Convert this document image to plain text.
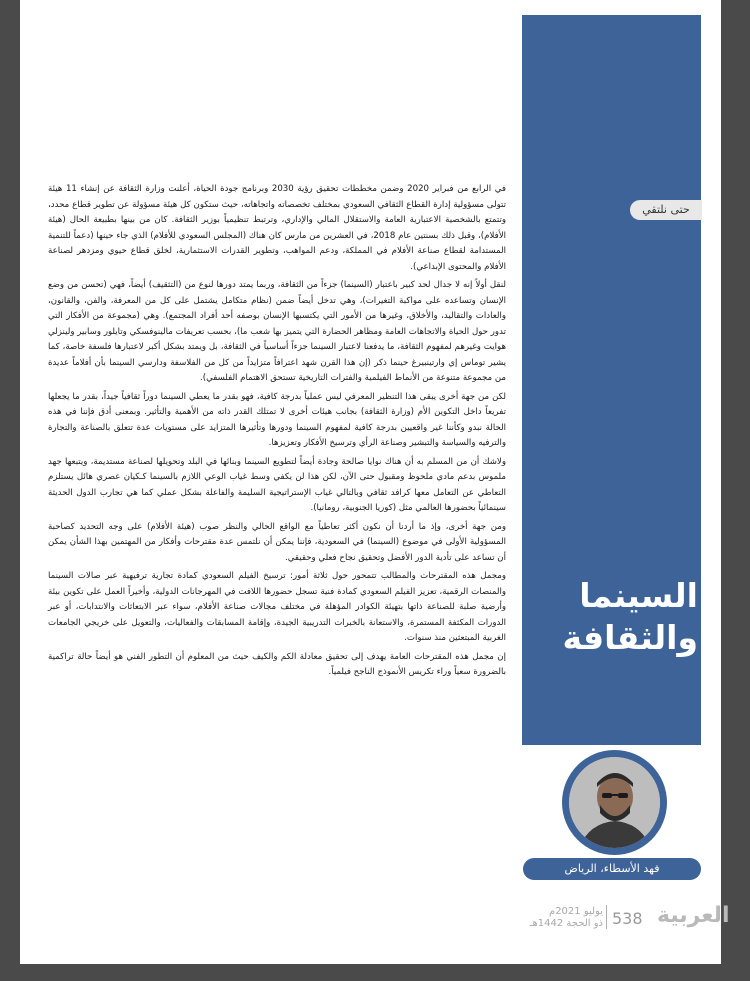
حتى نلتقي
السينما
والثقافة
فهد الأسطاء، الرياض

في الرابع من فبراير 2020 وضمن مخططات تحقيق رؤية 2030 وبرنامج جودة الحياة، أعلنت وزارة الثقافة عن إنشاء 11 هيئة تتولى مسؤولية إدارة القطاع الثقافي السعودي بمختلف تخصصاته واتجاهاته، حيث ستكون كل هيئة مسؤولة عن تطوير قطاع محدد، وتتمتع بالشخصية الاعتبارية العامة والاستقلال المالي والإداري، وترتبط تنظيمياً بوزير الثقافة. كان من بينها بطبيعة الحال (هيئة الأفلام)، وقبل ذلك بسنتين عام 2018، في العشرين من مارس كان هناك (المجلس السعودي للأفلام) الذي جاء حينها (دعماً للتنمية المستدامة لقطاع صناعة الأفلام في المملكة، ودعم المواهب، وتطوير القدرات الاستثمارية، لخلق قطاع حيوي ومزدهر لصناعة الأفلام والمحتوى الإبداعي).

لنقل أولاً إنه لا جدال لحد كبير باعتبار (السينما) جزءاً من الثقافة، وربما يمتد دورها لنوع من (التثقيف) أيضاً، فهي (تحسن من وضع الإنسان وتساعده على مواكبة التغيرات)، وهي تدخل أيضاً ضمن (نظام متكامل يشتمل على كل من المعرفة، والفن، والقانون، والعادات والتقاليد، والأخلاق، وغيرها من الأمور التي يكتسبها الإنسان بوصفه أحد أفراد المجتمع). وهي (مجموعة من الأفكار التي تدور حول الحياة والاتجاهات العامة ومظاهر الحضارة التي يتميز بها شعب ما)، بحسب تعريفات مالينوفسكي وتايلور وسابير ولينزلي هوايت وغيرهم لمفهوم الثقافة، ما يدفعنا لاعتبار السينما جزءاً أساسياً في الثقافة، بل ويمتد بشكل أكبر لاعتبارها فلسفة خاصة، كما يشير توماس إي وارتينبيرغ حينما ذكر (إن هذا القرن شهد اعترافاً متزايداً من كل من الفلاسفة ودارسي السينما بأن أفلاماً عديدة من مجموعة متنوعة من الأنماط الفيلمية والفترات التاريخية تستحق الاهتمام الفلسفي).

لكن من جهة أخرى يبقى هذا التنظير المعرفي ليس عملياً بدرجة كافية، فهو بقدر ما يعطي السينما دوراً ثقافياً جيداً، بقدر ما يجعلها تفريعاً داخل التكوين الأم (وزارة الثقافة) بجانب هيئات أخرى لا تمتلك القدر ذاته من الأهمية والتأثير. وبمعنى أدق فإننا في هذه الحالة نبدو وكأننا غير واقعيين بدرجة كافية لمفهوم السينما ودورها وتأثيرها المتزايد على مستويات عدة تتعلق بالصناعة والتجارة والترفيه والسياسة والتبشير وصناعة الرأي وترسيخ الأفكار وتعزيزها.

ولاشك أن من المسلم به أن هناك نوايا صالحة وجادة أيضاً لتطويع السينما وبنائها في البلد وتحويلها لصناعة مستديمة، ويتبعها جهد ملموس بدعم مادي ملحوظ ومقبول حتى الآن، لكن هذا لن يكفي وسط غياب الوعي اللازم بالسينما كـكيان عصري هائل يستلزم التعاطي عن التعامل معها كرافد ثقافي وبالتالي غياب الإستراتيجية السليمة والفاعلة بشكل عملي كما هي تجارب الدول الحديثة سينمائياً بحضورها العالمي مثل (كوريا الجنوبية، رومانيا).

ومن جهة أخرى، وإذ ما أردنا أن نكون أكثر تعاطياً مع الواقع الحالي والنظر صوب (هيئة الأفلام) على وجه التحديد كصاحبة المسؤولية الأولى في موضوع (السينما) في السعودية، فإننا يمكن أن نلتمس عدة مقترحات وأفكار من المهتمين بهذا الشأن يمكن أن تساعد على تأدية الدور الأفضل وتحقيق نجاح فعلي وحقيقي.

ومجمل هذه المقترحات والمطالب تتمحور حول ثلاثة أمور: ترسيخ الفيلم السعودي كمادة تجارية ترفيهية عبر صالات السينما والمنصات الرقمية، تعزيز الفيلم السعودي كمادة فنية تسجل حضورها اللافت في المهرجانات الدولية، وأخيراً العمل على تكوين بيئة وأرضية صلبة للصناعة ذاتها بتهيئة الكوادر المؤهلة في مختلف مجالات صناعة الأفلام، سواء عبر الابتعاثات والانتدابات، أو عبر الدورات المكثفة المستمرة، والاستعانة بالخبرات التدريبية الجيدة، وإقامة المسابقات والفعاليات، والتعويل على خريجي الجامعات الغربية المبتعثين منذ سنوات.

إن مجمل هذه المقترحات العامة يهدف إلى تحقيق معادلة الكم والكيف حيث من المعلوم أن التطور الفني هو أيضاً حالة تراكمية بالضرورة سعياً وراء تكريس الأنموذج الناجح فيلمياً.

العربية
538
يوليو 2021م
ذو الحجة 1442هـ
